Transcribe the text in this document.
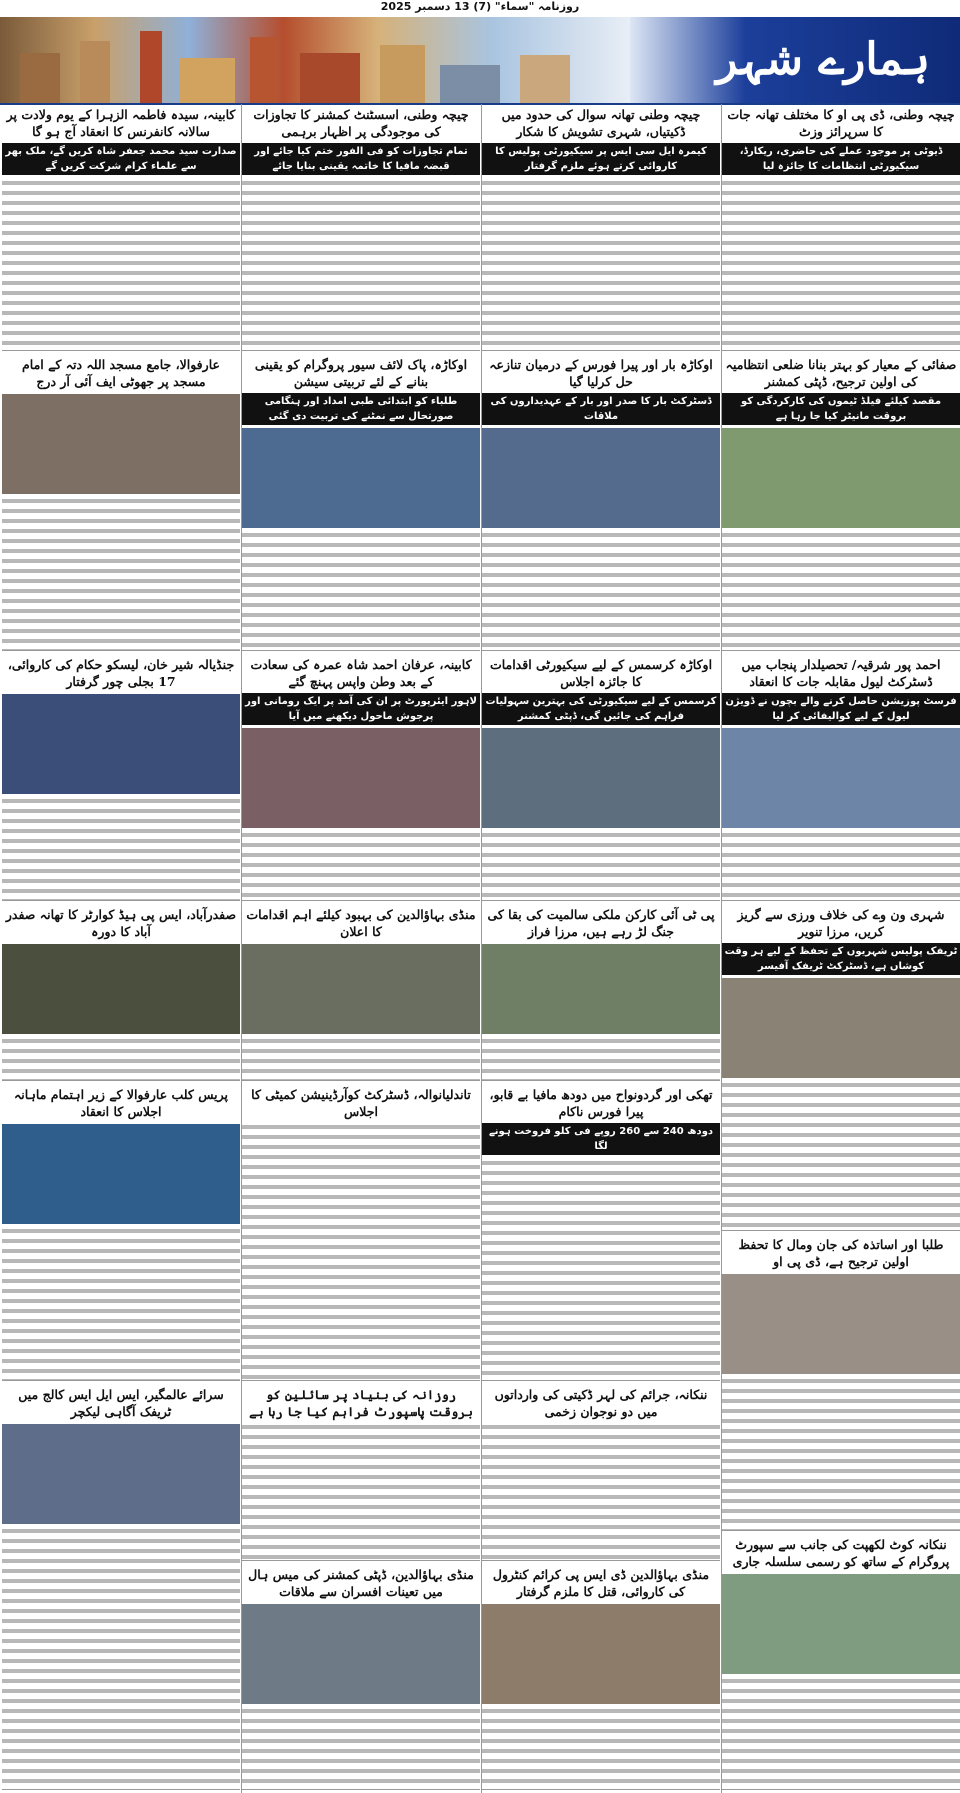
روزنامہ "سماء" (7) 13 دسمبر 2025
ہمارے شہر
چیچہ وطنی، ڈی پی او کا مختلف تھانہ جات کا سرپرائز وزٹ
ڈیوٹی پر موجود عملے کی حاضری، ریکارڈ، سیکیورٹی انتظامات کا جائزہ لیا
صفائی کے معیار کو بہتر بنانا ضلعی انتظامیہ کی اولین ترجیح، ڈپٹی کمشنر
مقصد کیلئے فیلڈ ٹیموں کی کارکردگی کو بروقت مانیٹر کیا جا رہا ہے
احمد پور شرقیہ/ تحصیلدار پنجاب میں ڈسٹرکٹ لیول مقابلہ جات کا انعقاد
فرسٹ پوزیشن حاصل کرنے والے بچوں نے ڈویژن لیول کے لیے کوالیفائی کر لیا
شہری ون وے کی خلاف ورزی سے گریز کریں، مرزا تنویر
ٹریفک پولیس شہریوں کے تحفظ کے لیے ہر وقت کوشاں ہے، ڈسٹرکٹ ٹریفک آفیسر
طلبا اور اساتذہ کی جان ومال کا تحفظ اولین ترجیح ہے، ڈی پی او
ننکانہ کوٹ لکھپت کی جانب سے سپورٹ پروگرام کے ساتھ کو رسمی سلسلہ جاری
چیچہ وطنی تھانہ سوال کی حدود میں ڈکیتیاں، شہری تشویش کا شکار
کیمرہ ایل سی ایس پر سیکیورٹی پولیس کا کاروائی کرتے ہوئے ملزم گرفتار
اوکاڑہ بار اور پیرا فورس کے درمیان تنازعہ حل کرلیا گیا
ڈسٹرکٹ بار کا صدر اور بار کے عہدیداروں کی ملاقات
اوکاڑہ کرسمس کے لیے سیکیورٹی اقدامات کا جائزہ اجلاس
کرسمس کے لیے سیکیورٹی کی بہترین سہولیات فراہم کی جائیں گی، ڈپٹی کمشنر
پی ٹی آئی کارکن ملکی سالمیت کی بقا کی جنگ لڑ رہے ہیں، مرزا فراز
تھکی اور گردونواح میں دودھ مافیا بے قابو، پیرا فورس ناکام
دودھ 240 سے 260 روپے فی کلو فروخت ہونے لگا
ننکانہ، جرائم کی لہر ڈکیتی کی وارداتوں میں دو نوجوان زخمی
منڈی بہاؤالدین ڈی ایس پی کرائم کنٹرول کی کاروائی، قتل کا ملزم گرفتار
چیچہ وطنی، اسسٹنٹ کمشنر کا تجاوزات کی موجودگی پر اظہار برہمی
تمام تجاوزات کو فی الفور ختم کیا جائے اور قبضہ مافیا کا خاتمہ یقینی بنایا جائے
اوکاڑہ، پاک لائف سیور پروگرام کو یقینی بنانے کے لئے تربیتی سیشن
طلباء کو ابتدائی طبی امداد اور ہنگامی صورتحال سے نمٹنے کی تربیت دی گئی
کابینہ، عرفان احمد شاہ عمرہ کی سعادت کے بعد وطن واپس پہنچ گئے
لاہور ایئرپورٹ پر ان کی آمد پر ایک رومانی اور پرجوش ماحول دیکھنے میں آیا
منڈی بہاؤالدین کی بہبود کیلئے اہم اقدامات کا اعلان
تاندلیانوالہ، ڈسٹرکٹ کوآرڈینیشن کمیٹی کا اجلاس
روزانہ کی بنیاد پر سائلین کو بروقت پاسپورٹ فراہم کیا جا رہا ہے
منڈی بہاؤالدین، ڈپٹی کمشنر کی میس ہال میں تعینات افسران سے ملاقات
کابینہ، سیدہ فاطمہ الزہرا کے یوم ولادت پر سالانہ کانفرنس کا انعقاد آج ہو گا
صدارت سید محمد جعفر شاہ کریں گے، ملک بھر سے علماء کرام شرکت کریں گے
عارفوالا، جامع مسجد اللہ دتہ کے امام مسجد پر جھوٹی ایف آئی آر درج
جنڈیالہ شیر خان، لیسکو حکام کی کاروائی، 17 بجلی چور گرفتار
صفدرآباد، ایس پی ہیڈ کوارٹر کا تھانہ صفدر آباد کا دورہ
پریس کلب عارفوالا کے زیر اہتمام ماہانہ اجلاس کا انعقاد
سرائے عالمگیر، ایس ایل ایس کالج میں ٹریفک آگاہی لیکچر
